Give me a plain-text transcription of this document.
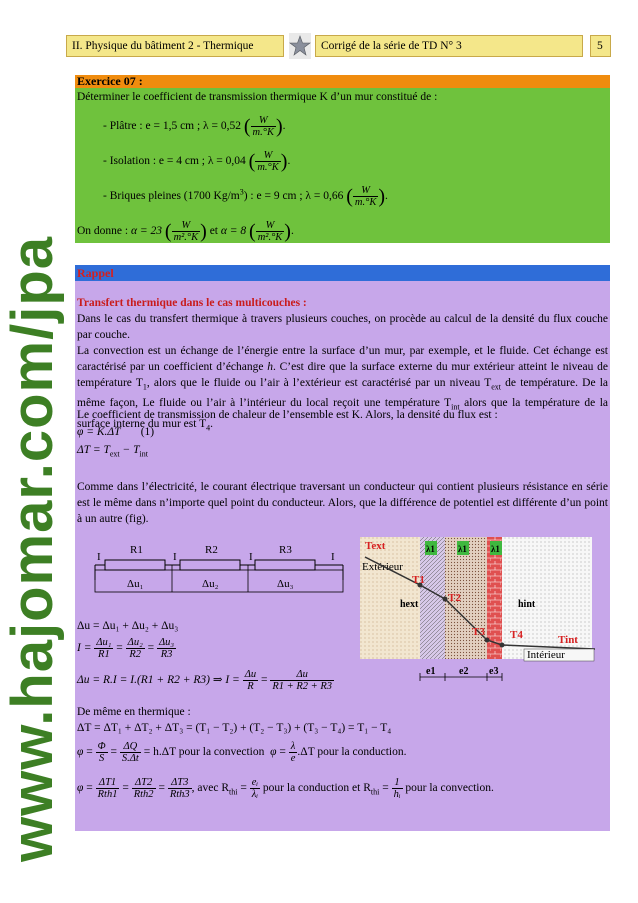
www.hajomar.com/jpa
II. Physique du bâtiment 2 - Thermique	Corrigé de la série de TD N° 3	5
Exercice 07 :
Déterminer le coefficient de transmission thermique K d’un mur constitué de :
- Plâtre : e = 1,5 cm ; λ = 0,52 ( $\frac{W}{m.^\circ K}$ ).
- Isolation : e = 4 cm ; λ = 0,04 ( $\frac{W}{m.^\circ K}$ ).
- Briques pleines (1700 $Kg/m^3$) : e = 9 cm ; λ = 0,66 ( $\frac{W}{m.^\circ K}$ ).
On donne : α = 23 ( $\frac{W}{\text{m².°K}}$ ) et α = 8 ( $\frac{W}{\text{m².°K}}$ ).
Rappel
Transfert thermique dans le cas multicouches :
Dans le cas du transfert thermique à travers plusieurs couches, on procède au calcul de la densité du flux couche par couche.
La convection est un échange de l’énergie entre la surface d’un mur, par exemple, et le fluide. Cet échange est caractérisé par un coefficient d’échange h. C’est dire que la surface externe du mur extérieur atteint le niveau de température $T_1$, alors que le fluide ou l’air à l’extérieur est caractérisé par un niveau $T_{ext}$ de température. De la même façon, Le fluide ou l’air à l’intérieur du local reçoit une température $T_{int}$ alors que la température de la surface interne du mur est $T_4$.
Le coefficient de transmission de chaleur de l’ensemble est K. Alors, la densité du flux est :
φ = K.ΔT (1)
$\Delta T = T_{ext} - T_{int}$
Comme dans l’électricité, le courant électrique traversant un conducteur qui contient plusieurs résistance en série est le même dans n’importe quel point du conducteur. Alors, que la différence de potentiel est différente d’un point à un autre (fig).
R1	R2	R3
I	I	I	I
Δu₁	Δu₂	Δu₃
Text
Extérieur
hext	hint
λ1	λ1	λ1
T1
T2
T3 T4	Tint
Intérieur
e1 e2 e3
Δu = Δu₁ + Δu₂ + Δu₃
$I = \frac{\text{Δu₁}}{R1} = \frac{\text{Δu₂}}{R2} = \frac{\text{Δu₃}}{R3}$
Δu = R.I = I.(R1 + R2 + R3) ⇒ $I = \frac{\Delta u}{R} = \frac{\Delta u}{R1 + R2 + R3}$
De même en thermique :
ΔT = ΔT₁ + ΔT₂ + ΔT₃ = (T₁ − T₂) + (T₂ − T₃) + (T₃ − T₄) = T₁ − T₄
$\varphi = \frac{\Phi}{S} = \frac{\Delta Q}{S.\Delta t} = h.\Delta T$ pour la convection $\varphi = \frac{\lambda}{e} .\Delta T$ pour la conduction.
$\varphi = \frac{\Delta T1}{\text{Rth1}} = \frac{\Delta T2}{\text{Rth2}} = \frac{\Delta T3}{\text{Rth3}}$ , avec $R_{thi} = \frac{\text{eᵢ}}{\text{λᵢ}}$ pour la conduction et $R_{thi} = \frac{1}{\text{hᵢ}}$ pour la convection.
